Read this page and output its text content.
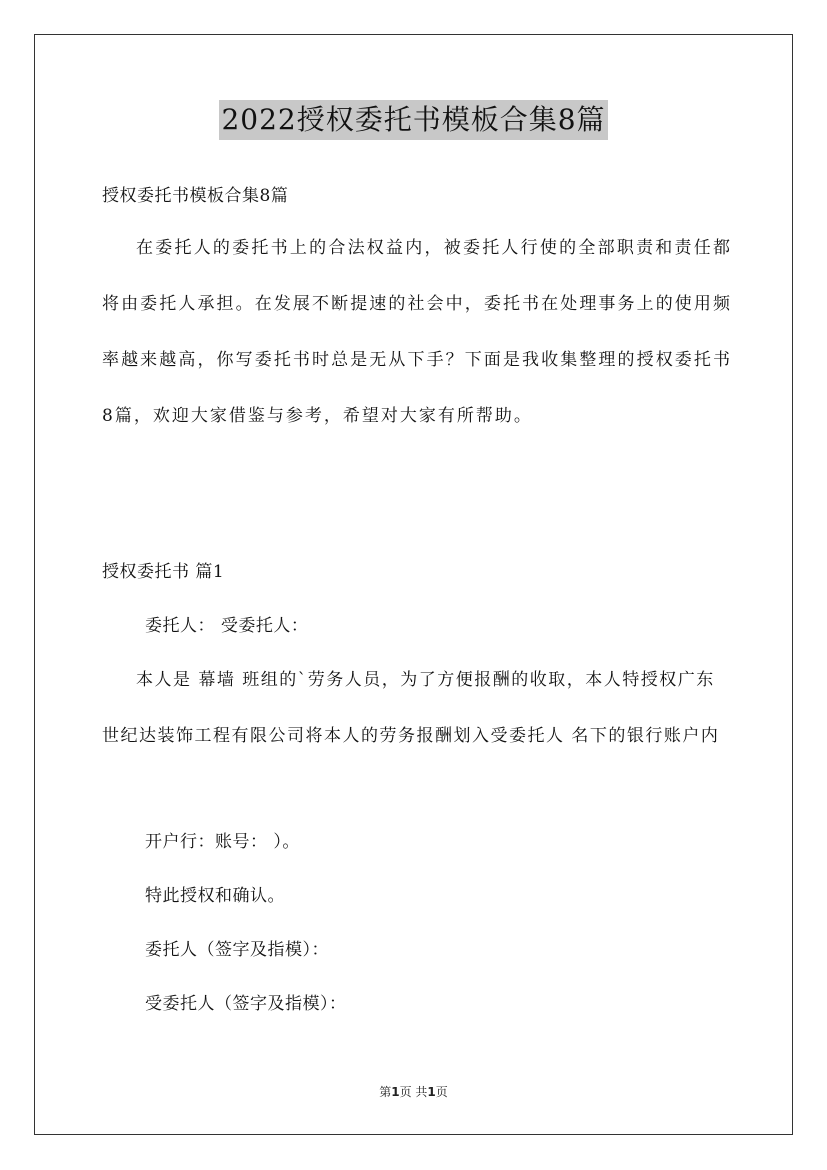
2022授权委托书模板合集8篇
授权委托书模板合集8篇
在委托人的委托书上的合法权益内，被委托人行使的全部职责和责任都将由委托人承担。在发展不断提速的社会中，委托书在处理事务上的使用频率越来越高，你写委托书时总是无从下手？下面是我收集整理的授权委托书8篇，欢迎大家借鉴与参考，希望对大家有所帮助。
授权委托书 篇1
委托人： 受委托人：
本人是 幕墙 班组的`劳务人员，为了方便报酬的收取，本人特授权广东世纪达装饰工程有限公司将本人的劳务报酬划入受委托人 名下的银行账户内
开户行：账号： ）。
特此授权和确认。
委托人（签字及指模）：
受委托人（签字及指模）：
第1页 共1页
